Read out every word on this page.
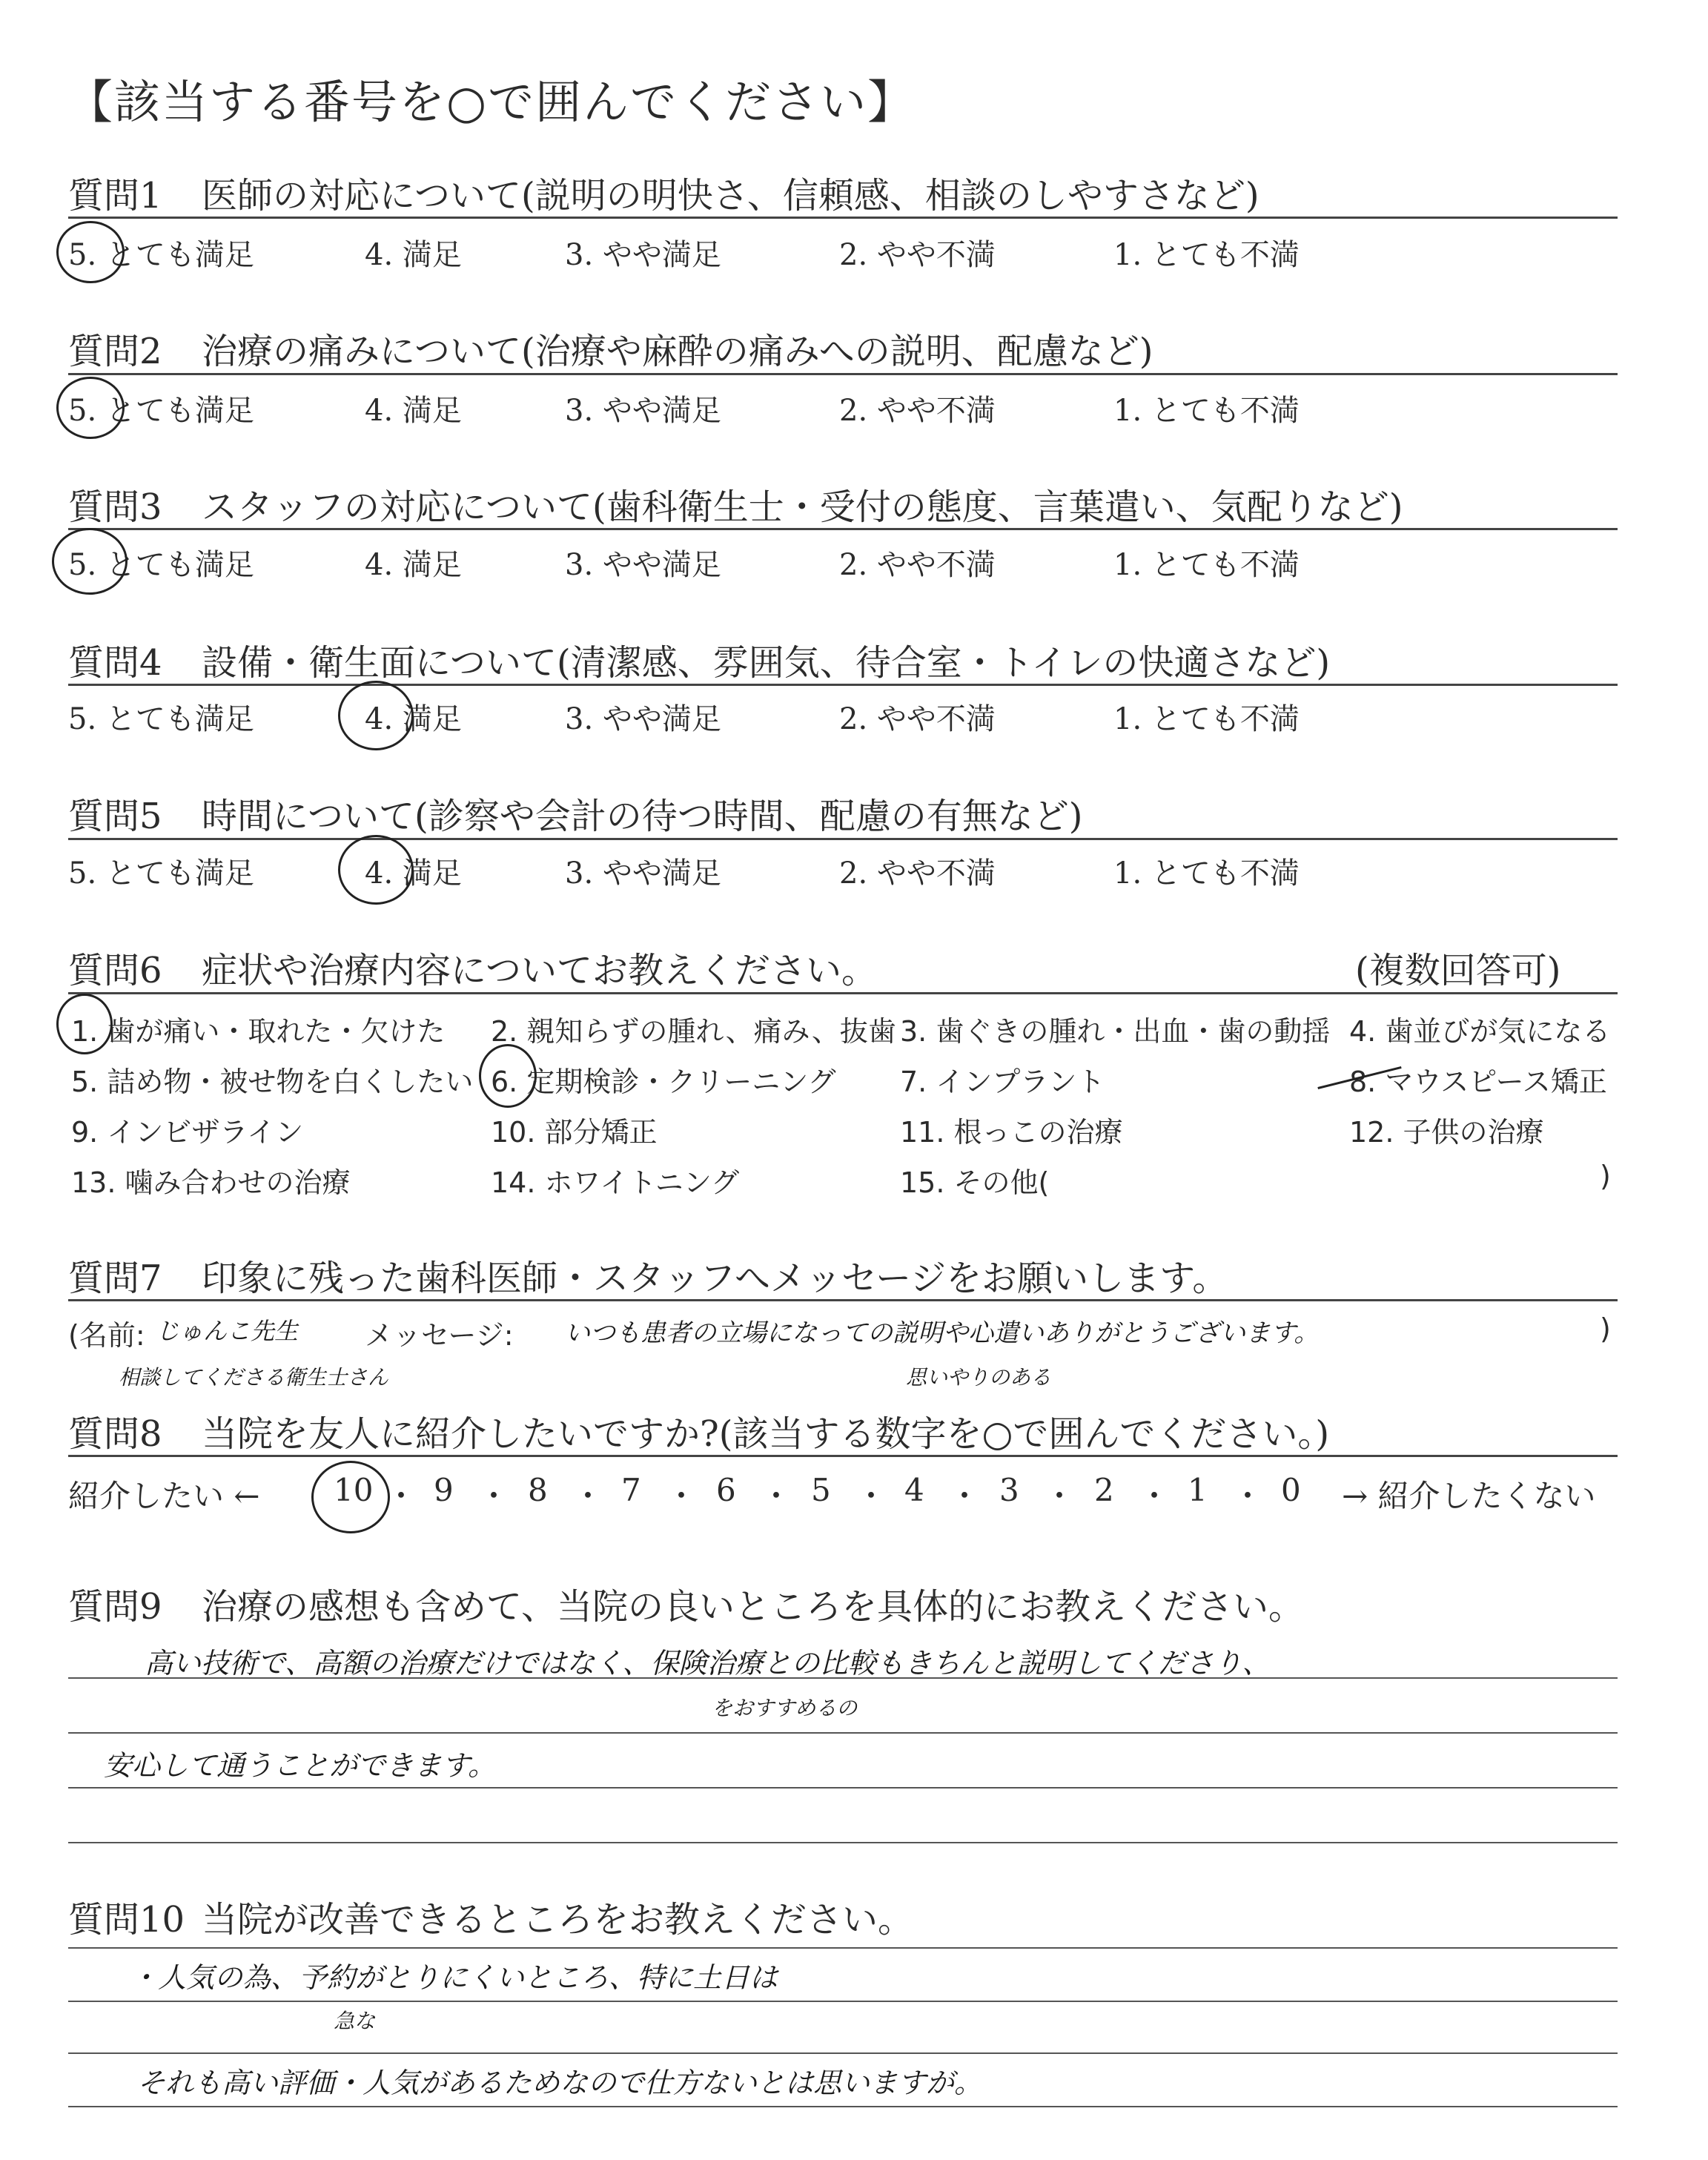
【該当する番号を○で囲んでください】
質問1 医師の対応について(説明の明快さ、信頼感、相談のしやすさなど)
5. とても満足	4. 満足	3. やや満足	2. やや不満	1. とても不満
質問2 治療の痛みについて(治療や麻酔の痛みへの説明、配慮など)
5. とても満足	4. 満足	3. やや満足	2. やや不満	1. とても不満
質問3 スタッフの対応について(歯科衛生士・受付の態度、言葉遣い、気配りなど)
5. とても満足	4. 満足	3. やや満足	2. やや不満	1. とても不満
質問4 設備・衛生面について(清潔感、雰囲気、待合室・トイレの快適さなど)
5. とても満足	4. 満足	3. やや満足	2. やや不満	1. とても不満
質問5 時間について(診察や会計の待つ時間、配慮の有無など)
5. とても満足	4. 満足	3. やや満足	2. やや不満	1. とても不満
質問6 症状や治療内容についてお教えください。	(複数回答可)
1. 歯が痛い・取れた・欠けた 2. 親知らずの腫れ、痛み、抜歯 3. 歯ぐきの腫れ・出血・歯の動揺 4. 歯並びが気になる
5. 詰め物・被せ物を白くしたい 6. 定期検診・クリーニング 7. インプラント	8. マウスピース矯正
9. インビザライン	10. 部分矯正	11. 根っこの治療	12. 子供の治療
13. 噛み合わせの治療	14. ホワイトニング	15. その他(	)
質問7 印象に残った歯科医師・スタッフへメッセージをお願いします。
(名前: じゅんこ先生 メッセージ: いつも患者の立場になっての説明や心遣いありがとうございます。	)
相談してくださる衛生士さん	思いやりのある
質問8 当院を友人に紹介したいですか?(該当する数字を○で囲んでください。)
紹介したい ← 10 ・ 9 ・ 8 ・ 7 ・ 6 ・ 5 ・ 4 ・ 3 ・ 2 ・ 1 ・ 0 → 紹介したくない
質問9 治療の感想も含めて、当院の良いところを具体的にお教えください。
高い技術で、高額の治療だけではなく、保険治療との比較もきちんと説明してくださり、
をおすすめるの
安心して通うことができます。
質問10 当院が改善できるところをお教えください。
・人気の為、予約がとりにくいところ、特に土日は
急な
それも高い評価・人気があるためなので仕方ないとは思いますが。
